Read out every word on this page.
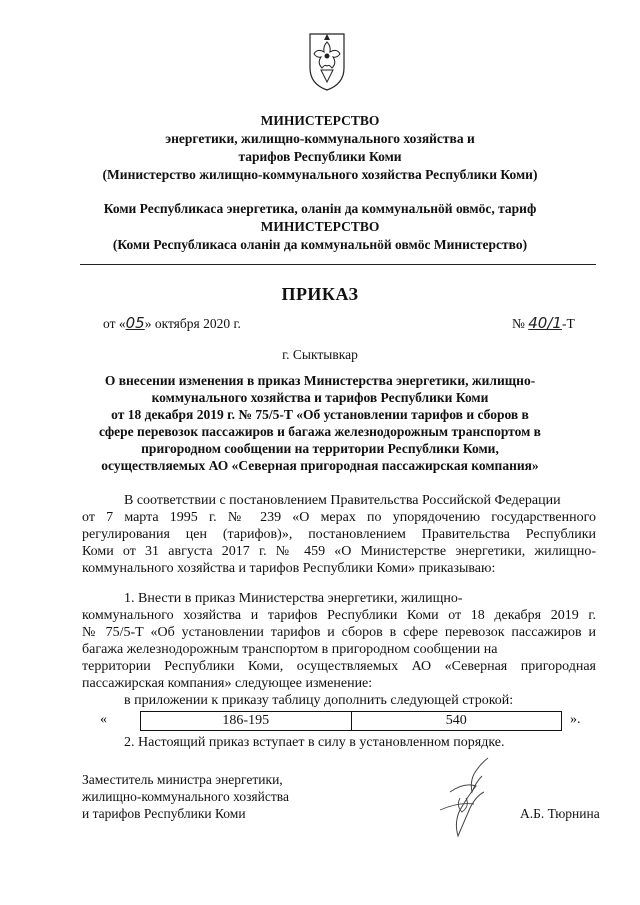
МИНИСТЕРСТВО
энергетики, жилищно-коммунального хозяйства и
тарифов Республики Коми
(Министерство жилищно-коммунального хозяйства Республики Коми)
Коми Республикаса энергетика, оланiн да коммунальнӧй овмӧс, тариф
МИНИСТЕРСТВО
(Коми Республикаса оланiн да коммунальнӧй овмӧс Министерство)
ПРИКАЗ
от «05» октября 2020 г.	№ 40/1-Т
г. Сыктывкар
О внесении изменения в приказ Министерства энергетики, жилищно-
коммунального хозяйства и тарифов Республики Коми
от 18 декабря 2019 г. № 75/5-Т «Об установлении тарифов и сборов в
сфере перевозок пассажиров и багажа железнодорожным транспортом в
пригородном сообщении на территории Республики Коми,
осуществляемых АО «Северная пригородная пассажирская компания»
В соответствии с постановлением Правительства Российской Федерации
от 7 марта 1995 г. № 239 «О мерах по упорядочению государственного
регулирования цен (тарифов)», постановлением Правительства Республики
Коми от 31 августа 2017 г. № 459 «О Министерстве энергетики, жилищно-
коммунального хозяйства и тарифов Республики Коми» приказываю:
1. Внести в приказ Министерства энергетики, жилищно-
коммунального хозяйства и тарифов Республики Коми от 18 декабря 2019 г.
№ 75/5-Т «Об установлении тарифов и сборов в сфере перевозок пассажиров и
багажа железнодорожным транспортом в пригородном сообщении на
территории Республики Коми, осуществляемых АО «Северная пригородная
пассажирская компания» следующее изменение:
в приложении к приказу таблицу дополнить следующей строкой:
«	186-195	540	».
2. Настоящий приказ вступает в силу в установленном порядке.
Заместитель министра энергетики,
жилищно-коммунального хозяйства
и тарифов Республики Коми	А.Б. Тюрнина
